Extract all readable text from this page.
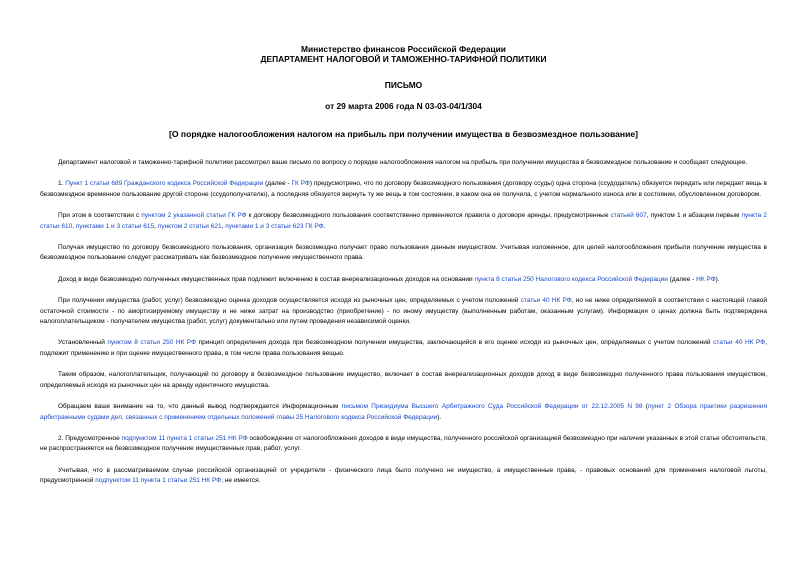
Министерство финансов Российской Федерации
ДЕПАРТАМЕНТ НАЛОГОВОЙ И ТАМОЖЕННО-ТАРИФНОЙ ПОЛИТИКИ
ПИСЬМО
от 29 марта 2006 года N 03-03-04/1/304
[О порядке налогообложения налогом на прибыль при получении имущества в безвозмездное пользование]

Департамент налоговой и таможенно-тарифной политики рассмотрел ваше письмо по вопросу о порядке налогообложения налогом на прибыль при получении имущества в безвозмездное пользование и сообщает следующее.

1. Пункт 1 статьи 689 Гражданского кодекса Российской Федерации (далее - ГК РФ) предусмотрено, что по договору безвозмездного пользования (договору ссуды) одна сторона (ссудодатель) обязуется передать или передает вещь в безвозмездное временное пользование другой стороне (ссудополучателю), а последняя обязуется вернуть ту же вещь в том состоянии, в каком она ее получила, с учетом нормального износа или в состоянии, обусловленном договором.

При этом в соответствии с пунктом 2 указанной статьи ГК РФ к договору безвозмездного пользования соответственно применяются правила о договоре аренды, предусмотренные статьей 607, пунктом 1 и абзацем первым пункта 2 статьи 610, пунктами 1 и 3 статьи 615, пунктом 2 статьи 621, пунктами 1 и 3 статьи 623 ГК РФ.

Получая имущество по договору безвозмездного пользования, организация безвозмездно получает право пользования данным имуществом. Учитывая изложенное, для целей налогообложения прибыли получение имущества в безвозмездное пользование следует рассматривать как безвозмездное получение имущественного права.

Доход в виде безвозмездно полученных имущественных прав подлежит включению в состав внереализационных доходов на основании пункта 8 статьи 250 Налогового кодекса Российской Федерации (далее - НК РФ).

При получении имущества (работ, услуг) безвозмездно оценка доходов осуществляется исходя из рыночных цен, определяемых с учетом положений статьи 40 НК РФ, но не ниже определяемой в соответствии с настоящей главой остаточной стоимости - по амортизируемому имуществу и не ниже затрат на производство (приобретение) - по иному имуществу (выполненным работам, оказанным услугам). Информация о ценах должна быть подтверждена налогоплательщиком - получателем имущества (работ, услуг) документально или путем проведения независимой оценки.

Установленный пунктом 8 статьи 250 НК РФ принцип определения дохода при безвозмездном получении имущества, заключающийся в его оценке исходя из рыночных цен, определяемых с учетом положений статьи 40 НК РФ, подлежит применению и при оценке имущественного права, в том числе права пользования вещью.

Таким образом, налогоплательщик, получающий по договору в безвозмездное пользование имущество, включает в состав внереализационных доходов доход в виде безвозмездно полученного права пользования имуществом, определяемый исходя из рыночных цен на аренду идентичного имущества.

Обращаем ваше внимание на то, что данный вывод подтверждается Информационным письмом Президиума Высшего Арбитражного Суда Российской Федерации от 22.12.2005 N 98 (пункт 2 Обзора практики разрешения арбитражными судами дел, связанных с применением отдельных положений главы 25 Налогового кодекса Российской Федерации).

2. Предусмотренное подпунктом 11 пункта 1 статьи 251 НК РФ освобождение от налогообложения доходов в виде имущества, полученного российской организацией безвозмездно при наличии указанных в этой статье обстоятельств, не распространяется на безвозмездное получение имущественных прав, работ, услуг.

Учитывая, что в рассматриваемом случае российской организацией от учредителя - физического лица было получено не имущество, а имущественные права, - правовых оснований для применения налоговой льготы, предусмотренной подпунктом 11 пункта 1 статьи 251 НК РФ, не имеется.
